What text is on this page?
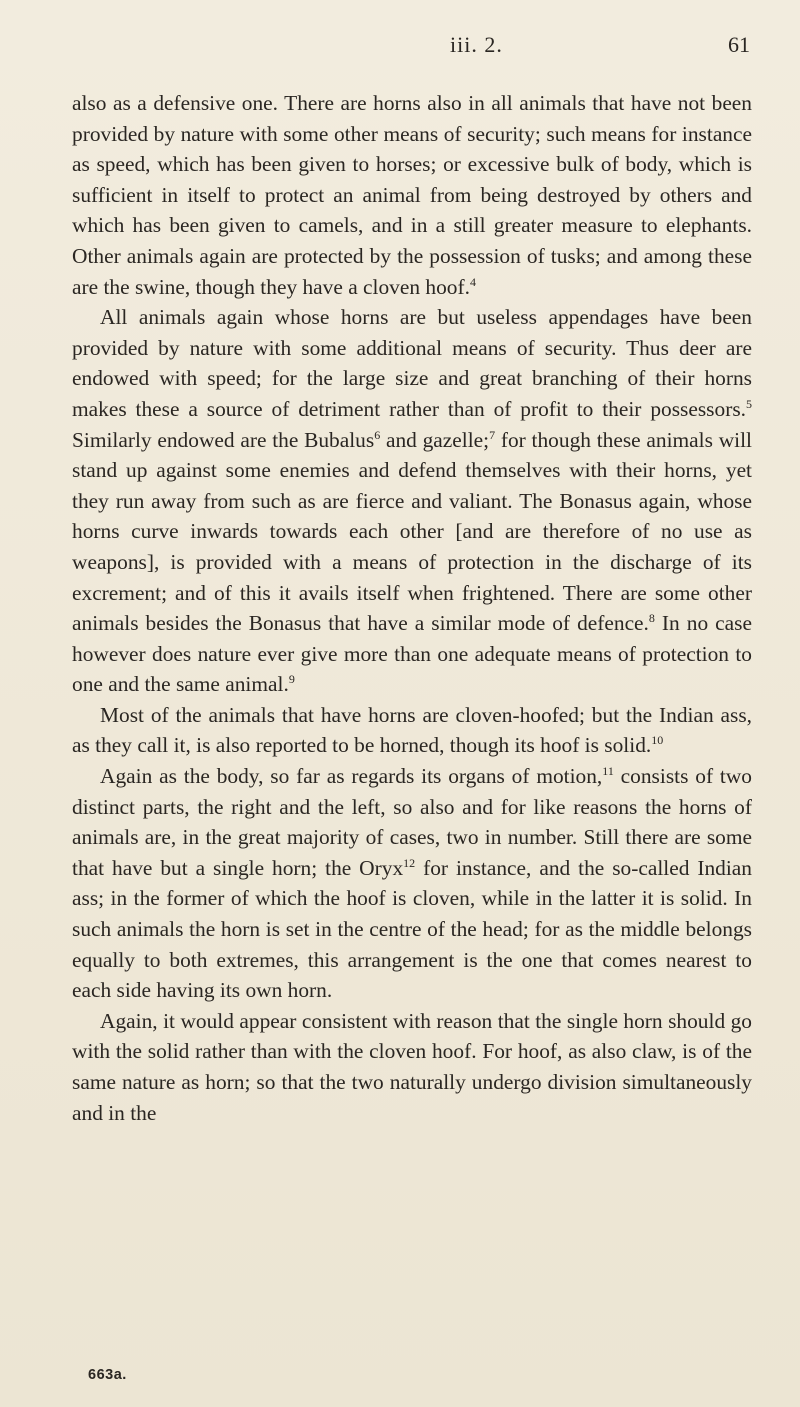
iii. 2.	61

also as a defensive one. There are horns also in all animals that have not been provided by nature with some other means of security; such means for instance as speed, which has been given to horses; or excessive bulk of body, which is sufficient in itself to protect an animal from being destroyed by others and which has been given to camels, and in a still greater measure to elephants. Other animals again are protected by the possession of tusks; and among these are the swine, though they have a cloven hoof.$^4$

All animals again whose horns are but useless appendages have been provided by nature with some additional means of security. Thus deer are endowed with speed; for the large size and great branching of their horns makes these a source of detriment rather than of profit to their possessors.$^5$ Similarly endowed are the Bubalus$^6$ and gazelle;$^7$ for though these animals will stand up against some enemies and defend themselves with their horns, yet they run away from such as are fierce and valiant. The Bonasus again, whose horns curve inwards towards each other [and are therefore of no use as weapons], is provided with a means of protection in the discharge of its excrement; and of this it avails itself when frightened. There are some other animals besides the Bonasus that have a similar mode of defence.$^8$ In no case however does nature ever give more than one adequate means of protection to one and the same animal.$^9$

Most of the animals that have horns are cloven-hoofed; but the Indian ass, as they call it, is also reported to be horned, though its hoof is solid.$^{10}$

Again as the body, so far as regards its organs of motion,$^{11}$ consists of two distinct parts, the right and the left, so also and for like reasons the horns of animals are, in the great majority of cases, two in number. Still there are some that have but a single horn; the Oryx$^{12}$ for instance, and the so-called Indian ass; in the former of which the hoof is cloven, while in the latter it is solid. In such animals the horn is set in the centre of the head; for as the middle belongs equally to both extremes, this arrangement is the one that comes nearest to each side having its own horn.

Again, it would appear consistent with reason that the single horn should go with the solid rather than with the cloven hoof. For hoof, as also claw, is of the same nature as horn; so that the two naturally undergo division simultaneously and in the

663a.
